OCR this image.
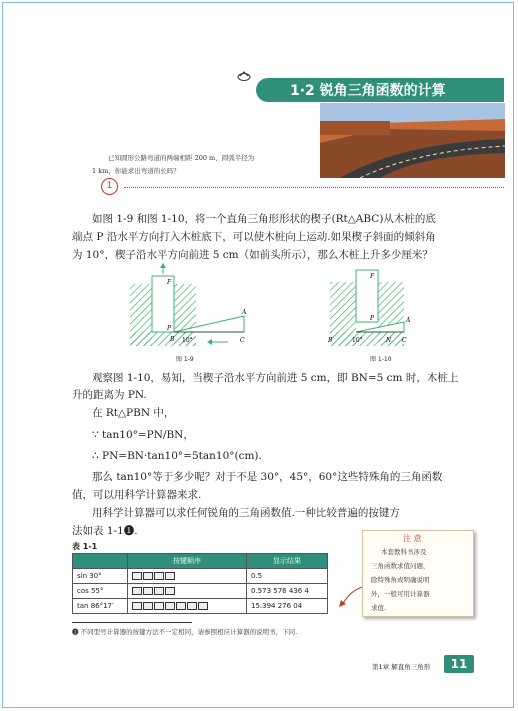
1·2 锐角三角函数的计算
已知圆形公路弯道的两端相距 200 m，圆弧半径为
1 km，你能求出弯道的长吗？
1
如图 1-9 和图 1-10，将一个直角三角形形状的楔子(Rt△ABC)从木桩的底
端点 P 沿水平方向打入木桩底下，可以使木桩向上运动.如果楔子斜面的倾斜角
为 10°，楔子沿水平方向前进 5 cm（如前头所示），那么木桩上升多少厘米？
F
P
B 10°
A
C
图 1-9
F
P
B	10°	N
A
C
图 1-10
观察图 1-10，易知，当楔子沿水平方向前进 5 cm，即 BN=5 cm 时，木桩上
升的距离为 PN.
在 Rt△PBN 中，
∵ tan10°=PN/BN，
∴ PN=BN·tan10°=5tan10°(cm).
那么 tan10°等于多少呢？对于不是 30°，45°，60°这些特殊角的三角函数
值，可以用科学计算器来求.
用科学计算器可以求任何锐角的三角函数值.一种比较普遍的按键方
法如表 1-1❶.
表 1-1
	按键顺序	显示结果
sin 30°		0.5
cos 55°		0.573 576 436 4
tan 86°17′		15.394 276 04
注 意
本套教科书涉及
三角函数求值问题，
除特殊角或明确说明
外，一般可用计算器
求值.
❶ 不同型号计算器的按键方法不一定相同，请参照相应计算器的说明书，下同.
第1章 解直角三角形	11
